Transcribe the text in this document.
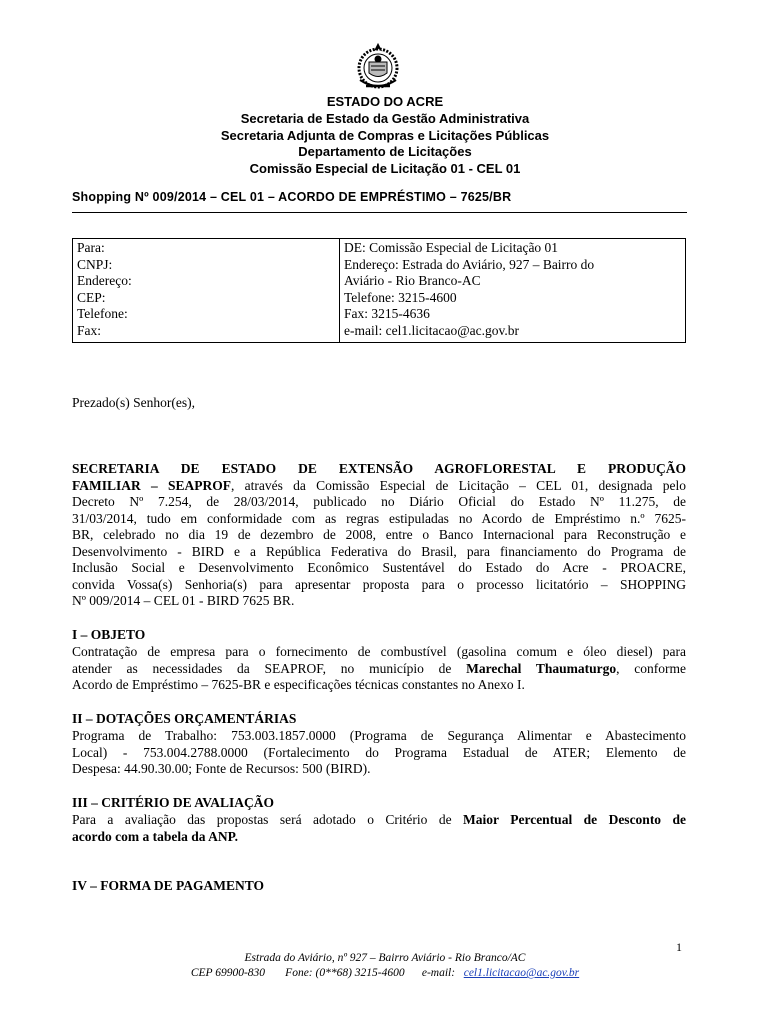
ESTADO DO ACRE
Secretaria de Estado da Gestão Administrativa
Secretaria Adjunta de Compras e Licitações Públicas
Departamento de Licitações
Comissão Especial de Licitação 01 - CEL 01
Shopping Nº 009/2014 – CEL 01 – ACORDO DE EMPRÉSTIMO – 7625/BR
Para:
CNPJ:
Endereço:
CEP:
Telefone:
Fax:

DE: Comissão Especial de Licitação 01
Endereço: Estrada do Aviário, 927 – Bairro do
Aviário - Rio Branco-AC
Telefone: 3215-4600
Fax: 3215-4636
e-mail: cel1.licitacao@ac.gov.br
Prezado(s) Senhor(es),
SECRETARIA DE ESTADO DE EXTENSÃO AGROFLORESTAL E PRODUÇÃO
FAMILIAR – SEAPROF, através da Comissão Especial de Licitação – CEL 01, designada pelo
Decreto Nº 7.254, de 28/03/2014, publicado no Diário Oficial do Estado Nº 11.275, de
31/03/2014, tudo em conformidade com as regras estipuladas no Acordo de Empréstimo n.º 7625-
BR, celebrado no dia 19 de dezembro de 2008, entre o Banco Internacional para Reconstrução e
Desenvolvimento - BIRD e a República Federativa do Brasil, para financiamento do Programa de
Inclusão Social e Desenvolvimento Econômico Sustentável do Estado do Acre - PROACRE,
convida Vossa(s) Senhoria(s) para apresentar proposta para o processo licitatório – SHOPPING
Nº 009/2014 – CEL 01 - BIRD 7625 BR.
I – OBJETO
Contratação de empresa para o fornecimento de combustível (gasolina comum e óleo diesel) para
atender as necessidades da SEAPROF, no município de Marechal Thaumaturgo, conforme
Acordo de Empréstimo – 7625-BR e especificações técnicas constantes no Anexo I.
II – DOTAÇÕES ORÇAMENTÁRIAS
Programa de Trabalho: 753.003.1857.0000 (Programa de Segurança Alimentar e Abastecimento
Local) - 753.004.2788.0000 (Fortalecimento do Programa Estadual de ATER; Elemento de
Despesa: 44.90.30.00; Fonte de Recursos: 500 (BIRD).
III – CRITÉRIO DE AVALIAÇÃO
Para a avaliação das propostas será adotado o Critério de Maior Percentual de Desconto de
acordo com a tabela da ANP.
IV – FORMA DE PAGAMENTO
1
Estrada do Aviário, nº 927 – Bairro Aviário - Rio Branco/AC
CEP 69900-830 Fone: (0**68) 3215-4600 e-mail: cel1.licitacao@ac.gov.br
